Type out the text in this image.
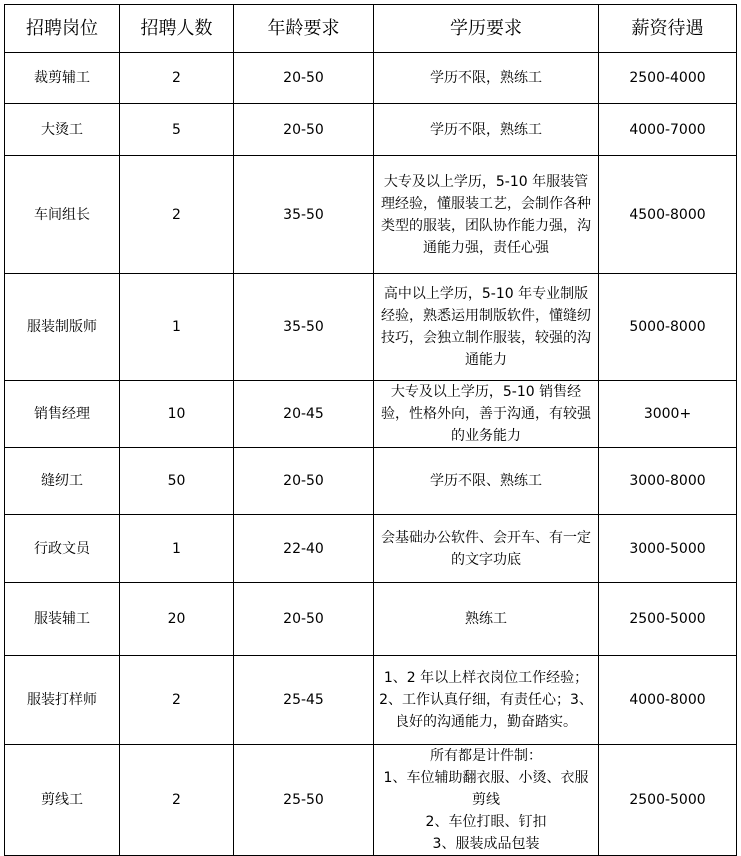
招聘岗位	招聘人数	年龄要求	学历要求	薪资待遇
裁剪辅工	2	20-50	学历不限，熟练工	2500-4000
大烫工	5	20-50	学历不限，熟练工	4000-7000
车间组长	2	35-50	大专及以上学历，5-10 年服装管理经验，懂服装工艺，会制作各种类型的服装，团队协作能力强，沟通能力强，责任心强	4500-8000
服装制版师	1	35-50	高中以上学历，5-10 年专业制版经验，熟悉运用制版软件，懂缝纫技巧，会独立制作服装，较强的沟通能力	5000-8000
销售经理	10	20-45	大专及以上学历，5-10 销售经验，性格外向，善于沟通，有较强的业务能力	3000+
缝纫工	50	20-50	学历不限、熟练工	3000-8000
行政文员	1	22-40	会基础办公软件、会开车、有一定的文字功底	3000-5000
服装辅工	20	20-50	熟练工	2500-5000
服装打样师	2	25-45	1、2 年以上样衣岗位工作经验；2、工作认真仔细，有责任心；3、良好的沟通能力，勤奋踏实。	4000-8000
剪线工	2	25-50	所有都是计件制：
1、车位辅助翻衣服、小烫、衣服剪线
2、车位打眼、钉扣
3、服装成品包装	2500-5000
